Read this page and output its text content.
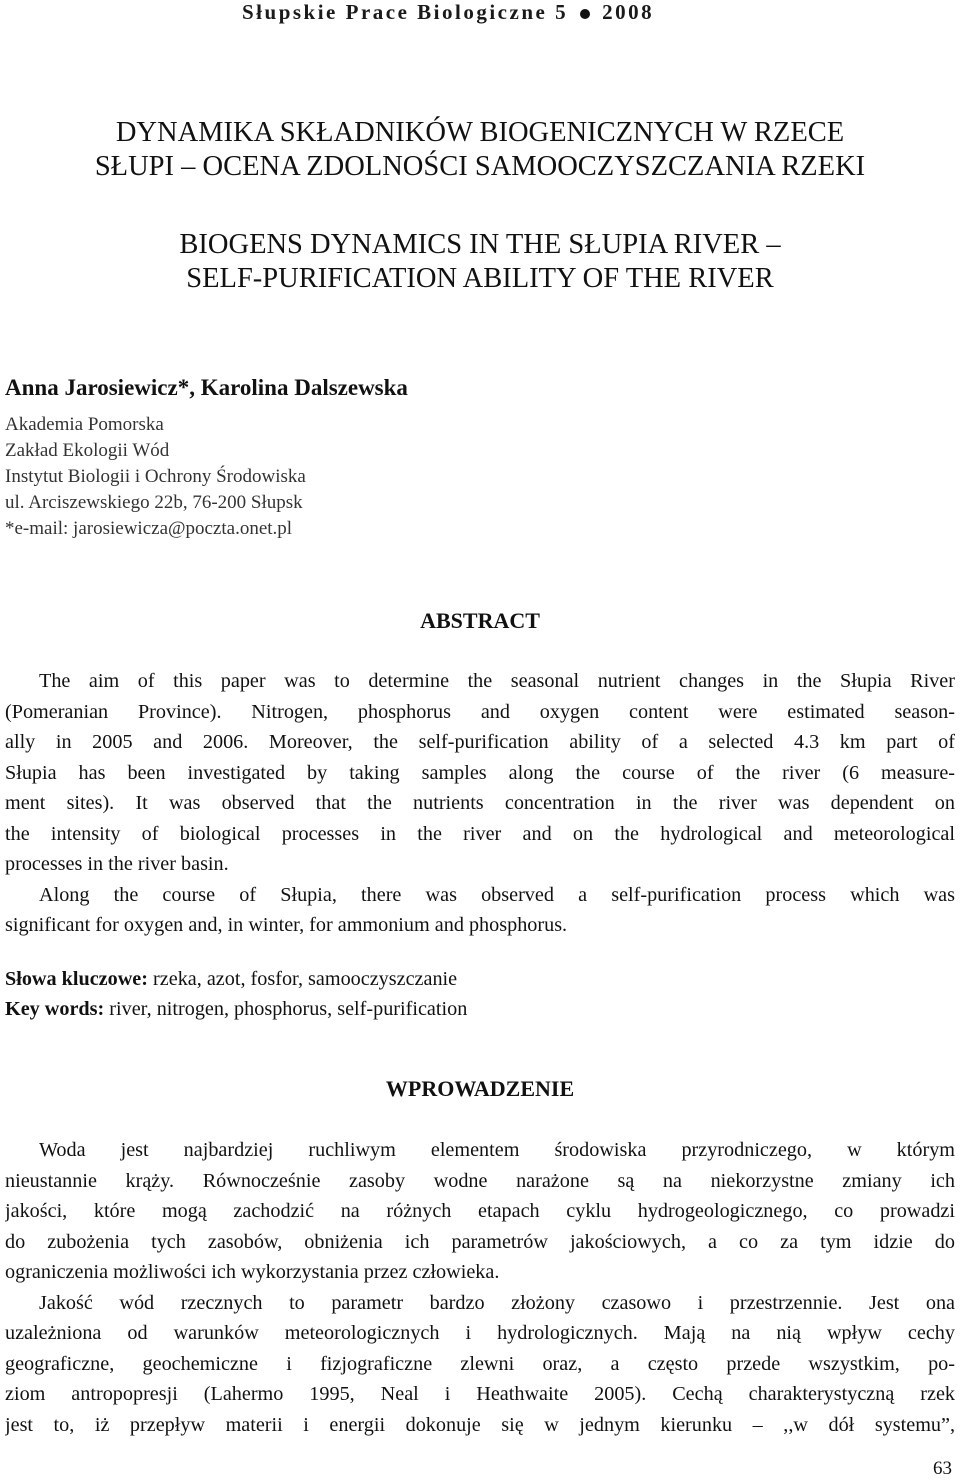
Słupskie Prace Biologiczne 5 2008
DYNAMIKA SKŁADNIKÓW BIOGENICZNYCH W RZECE
SŁUPI – OCENA ZDOLNOŚCI SAMOOCZYSZCZANIA RZEKI
BIOGENS DYNAMICS IN THE SŁUPIA RIVER –
SELF-PURIFICATION ABILITY OF THE RIVER
Anna Jarosiewicz*, Karolina Dalszewska
Akademia Pomorska
Zakład Ekologii Wód
Instytut Biologii i Ochrony Środowiska
ul. Arciszewskiego 22b, 76-200 Słupsk
*e-mail: jarosiewicza@poczta.onet.pl
ABSTRACT
The aim of this paper was to determine the seasonal nutrient changes in the Słupia River
(Pomeranian Province). Nitrogen, phosphorus and oxygen content were estimated season-
ally in 2005 and 2006. Moreover, the self-purification ability of a selected 4.3 km part of
Słupia has been investigated by taking samples along the course of the river (6 measure-
ment sites). It was observed that the nutrients concentration in the river was dependent on
the intensity of biological processes in the river and on the hydrological and meteorological
processes in the river basin.
Along the course of Słupia, there was observed a self-purification process which was
significant for oxygen and, in winter, for ammonium and phosphorus.
Słowa kluczowe: rzeka, azot, fosfor, samooczyszczanie
Key words: river, nitrogen, phosphorus, self-purification
WPROWADZENIE
Woda jest najbardziej ruchliwym elementem środowiska przyrodniczego, w którym
nieustannie krąży. Równocześnie zasoby wodne narażone są na niekorzystne zmiany ich
jakości, które mogą zachodzić na różnych etapach cyklu hydrogeologicznego, co prowadzi
do zubożenia tych zasobów, obniżenia ich parametrów jakościowych, a co za tym idzie do
ograniczenia możliwości ich wykorzystania przez człowieka.
Jakość wód rzecznych to parametr bardzo złożony czasowo i przestrzennie. Jest ona
uzależniona od warunków meteorologicznych i hydrologicznych. Mają na nią wpływ cechy
geograficzne, geochemiczne i fizjograficzne zlewni oraz, a często przede wszystkim, po-
ziom antropopresji (Lahermo 1995, Neal i Heathwaite 2005). Cechą charakterystyczną rzek
jest to, iż przepływ materii i energii dokonuje się w jednym kierunku – ,,w dół systemu”,
63
